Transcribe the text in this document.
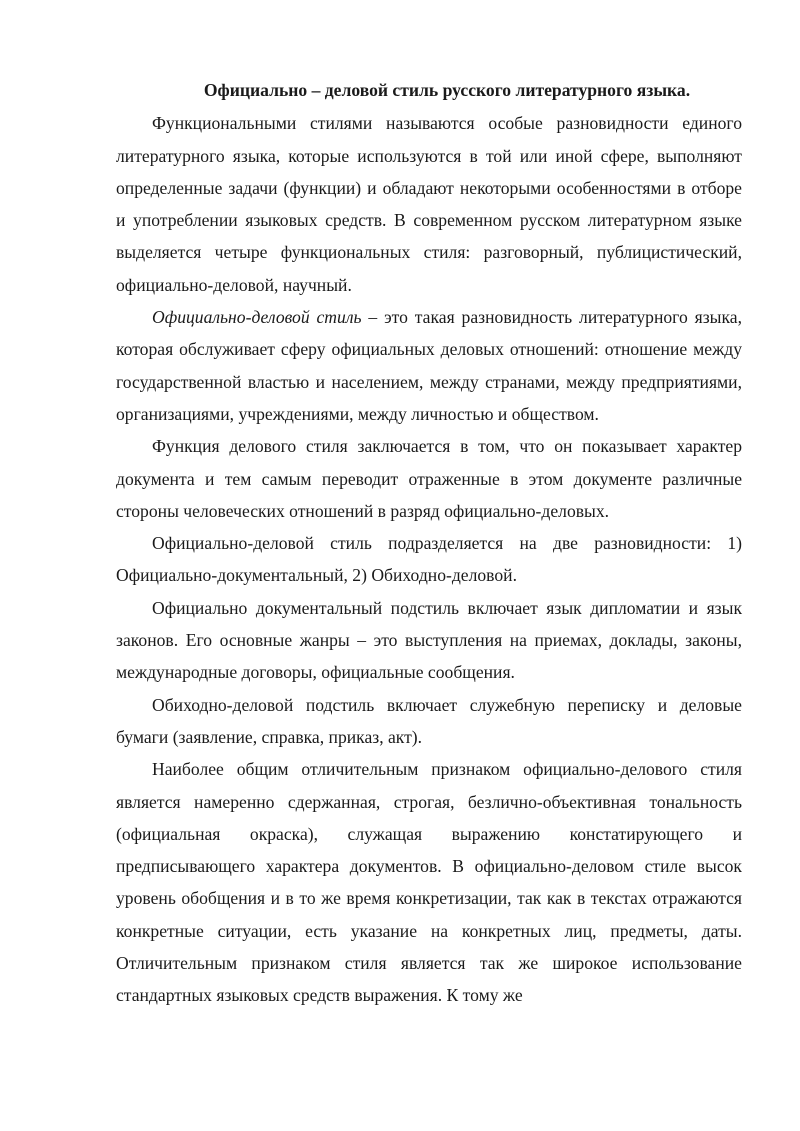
Официально – деловой стиль русского литературного языка.

Функциональными стилями называются особые разновидности единого литературного языка, которые используются в той или иной сфере, выполняют определенные задачи (функции) и обладают некоторыми особенностями в отборе и употреблении языковых средств. В современном русском литературном языке выделяется четыре функциональных стиля: разговорный, публицистический, официально-деловой, научный.

Официально-деловой стиль – это такая разновидность литературного языка, которая обслуживает сферу официальных деловых отношений: отношение между государственной властью и населением, между странами, между предприятиями, организациями, учреждениями, между личностью и обществом.

Функция делового стиля заключается в том, что он показывает характер документа и тем самым переводит отраженные в этом документе различные стороны человеческих отношений в разряд официально-деловых.

Официально-деловой стиль подразделяется на две разновидности: 1) Официально-документальный, 2) Обиходно-деловой.

Официально документальный подстиль включает язык дипломатии и язык законов. Его основные жанры – это выступления на приемах, доклады, законы, международные договоры, официальные сообщения.

Обиходно-деловой подстиль включает служебную переписку и деловые бумаги (заявление, справка, приказ, акт).

Наиболее общим отличительным признаком официально-делового стиля является намеренно сдержанная, строгая, безлично-объективная тональность (официальная окраска), служащая выражению констатирующего и предписывающего характера документов. В официально-деловом стиле высок уровень обобщения и в то же время конкретизации, так как в текстах отражаются конкретные ситуации, есть указание на конкретных лиц, предметы, даты. Отличительным признаком стиля является так же широкое использование стандартных языковых средств выражения. К тому же
